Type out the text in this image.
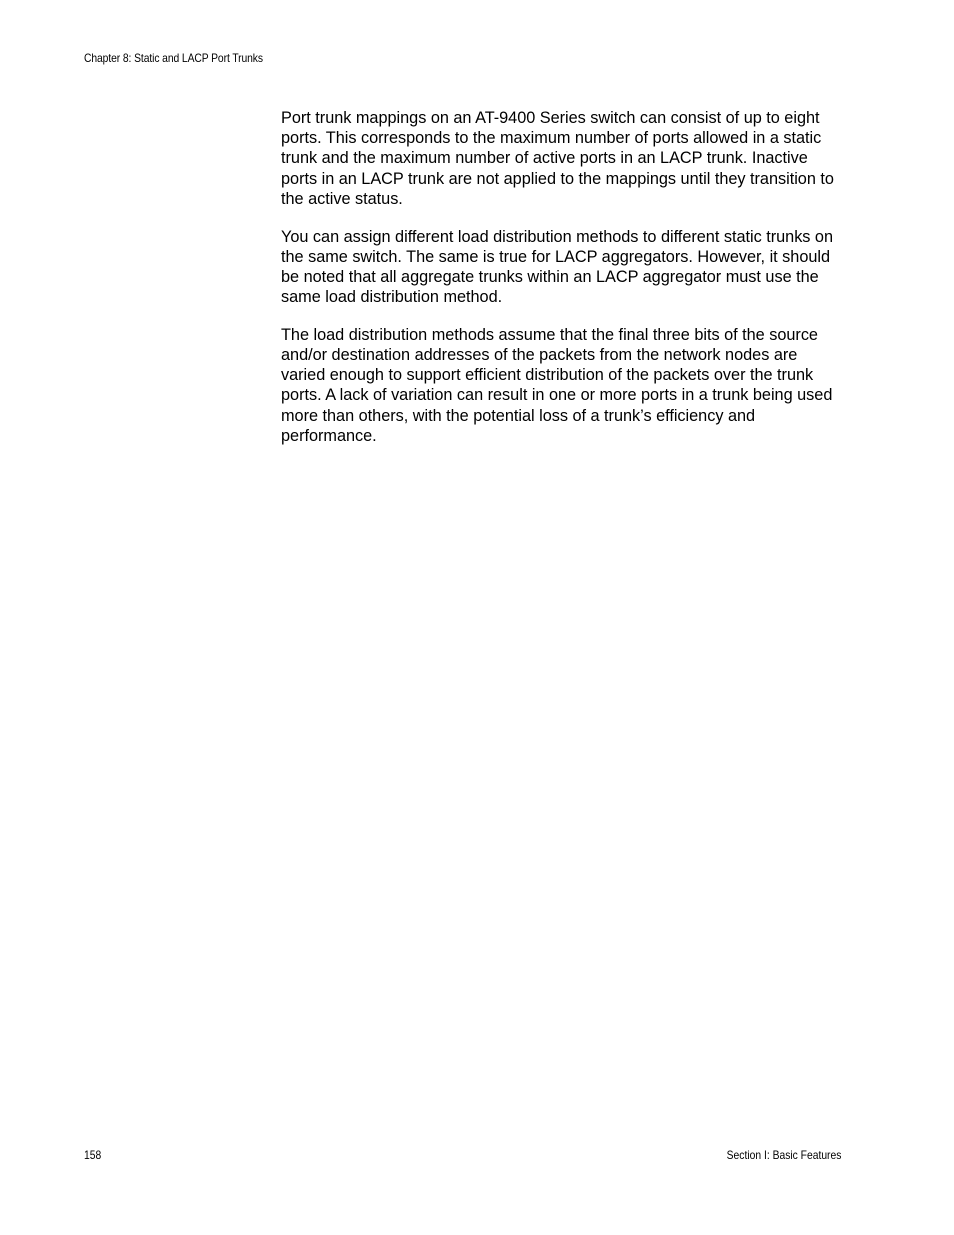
Chapter 8: Static and LACP Port Trunks

Port trunk mappings on an AT-9400 Series switch can consist of up to eight ports. This corresponds to the maximum number of ports allowed in a static trunk and the maximum number of active ports in an LACP trunk. Inactive ports in an LACP trunk are not applied to the mappings until they transition to the active status.

You can assign different load distribution methods to different static trunks on the same switch. The same is true for LACP aggregators. However, it should be noted that all aggregate trunks within an LACP aggregator must use the same load distribution method.

The load distribution methods assume that the final three bits of the source and/or destination addresses of the packets from the network nodes are varied enough to support efficient distribution of the packets over the trunk ports. A lack of variation can result in one or more ports in a trunk being used more than others, with the potential loss of a trunk’s efficiency and performance.

158	Section I: Basic Features
